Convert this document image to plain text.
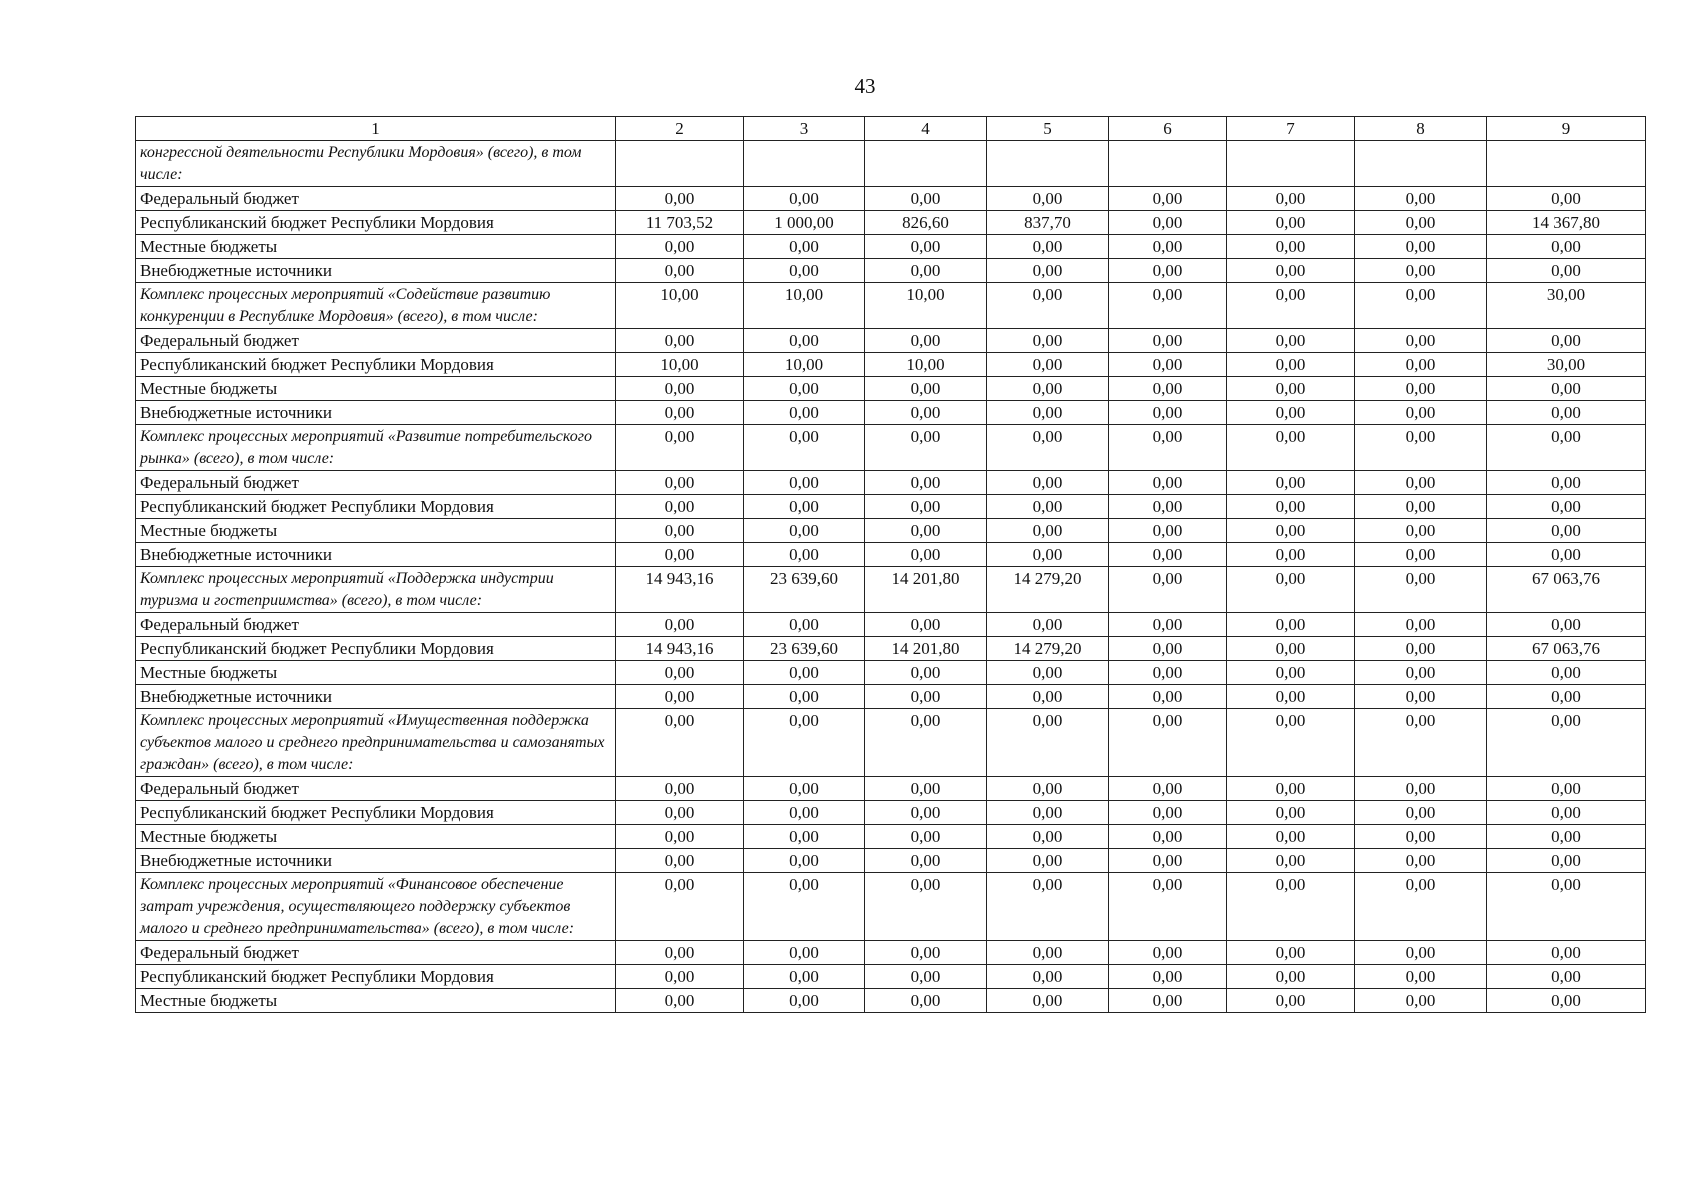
43
1	2	3	4	5	6	7	8	9
конгрессной деятельности Республики Мордовия» (всего), в том числе:								
Федеральный бюджет	0,00	0,00	0,00	0,00	0,00	0,00	0,00	0,00
Республиканский бюджет Республики Мордовия	11 703,52	1 000,00	826,60	837,70	0,00	0,00	0,00	14 367,80
Местные бюджеты	0,00	0,00	0,00	0,00	0,00	0,00	0,00	0,00
Внебюджетные источники	0,00	0,00	0,00	0,00	0,00	0,00	0,00	0,00
Комплекс процессных мероприятий «Содействие развитию конкуренции в Республике Мордовия» (всего), в том числе:	10,00	10,00	10,00	0,00	0,00	0,00	0,00	30,00
Федеральный бюджет	0,00	0,00	0,00	0,00	0,00	0,00	0,00	0,00
Республиканский бюджет Республики Мордовия	10,00	10,00	10,00	0,00	0,00	0,00	0,00	30,00
Местные бюджеты	0,00	0,00	0,00	0,00	0,00	0,00	0,00	0,00
Внебюджетные источники	0,00	0,00	0,00	0,00	0,00	0,00	0,00	0,00
Комплекс процессных мероприятий «Развитие потребительского рынка» (всего), в том числе:	0,00	0,00	0,00	0,00	0,00	0,00	0,00	0,00
Федеральный бюджет	0,00	0,00	0,00	0,00	0,00	0,00	0,00	0,00
Республиканский бюджет Республики Мордовия	0,00	0,00	0,00	0,00	0,00	0,00	0,00	0,00
Местные бюджеты	0,00	0,00	0,00	0,00	0,00	0,00	0,00	0,00
Внебюджетные источники	0,00	0,00	0,00	0,00	0,00	0,00	0,00	0,00
Комплекс процессных мероприятий «Поддержка индустрии туризма и гостеприимства» (всего), в том числе:	14 943,16	23 639,60	14 201,80	14 279,20	0,00	0,00	0,00	67 063,76
Федеральный бюджет	0,00	0,00	0,00	0,00	0,00	0,00	0,00	0,00
Республиканский бюджет Республики Мордовия	14 943,16	23 639,60	14 201,80	14 279,20	0,00	0,00	0,00	67 063,76
Местные бюджеты	0,00	0,00	0,00	0,00	0,00	0,00	0,00	0,00
Внебюджетные источники	0,00	0,00	0,00	0,00	0,00	0,00	0,00	0,00
Комплекс процессных мероприятий «Имущественная поддержка субъектов малого и среднего предпринимательства и самозанятых граждан» (всего), в том числе:	0,00	0,00	0,00	0,00	0,00	0,00	0,00	0,00
Федеральный бюджет	0,00	0,00	0,00	0,00	0,00	0,00	0,00	0,00
Республиканский бюджет Республики Мордовия	0,00	0,00	0,00	0,00	0,00	0,00	0,00	0,00
Местные бюджеты	0,00	0,00	0,00	0,00	0,00	0,00	0,00	0,00
Внебюджетные источники	0,00	0,00	0,00	0,00	0,00	0,00	0,00	0,00
Комплекс процессных мероприятий «Финансовое обеспечение затрат учреждения, осуществляющего поддержку субъектов малого и среднего предпринимательства» (всего), в том числе:	0,00	0,00	0,00	0,00	0,00	0,00	0,00	0,00
Федеральный бюджет	0,00	0,00	0,00	0,00	0,00	0,00	0,00	0,00
Республиканский бюджет Республики Мордовия	0,00	0,00	0,00	0,00	0,00	0,00	0,00	0,00
Местные бюджеты	0,00	0,00	0,00	0,00	0,00	0,00	0,00	0,00
